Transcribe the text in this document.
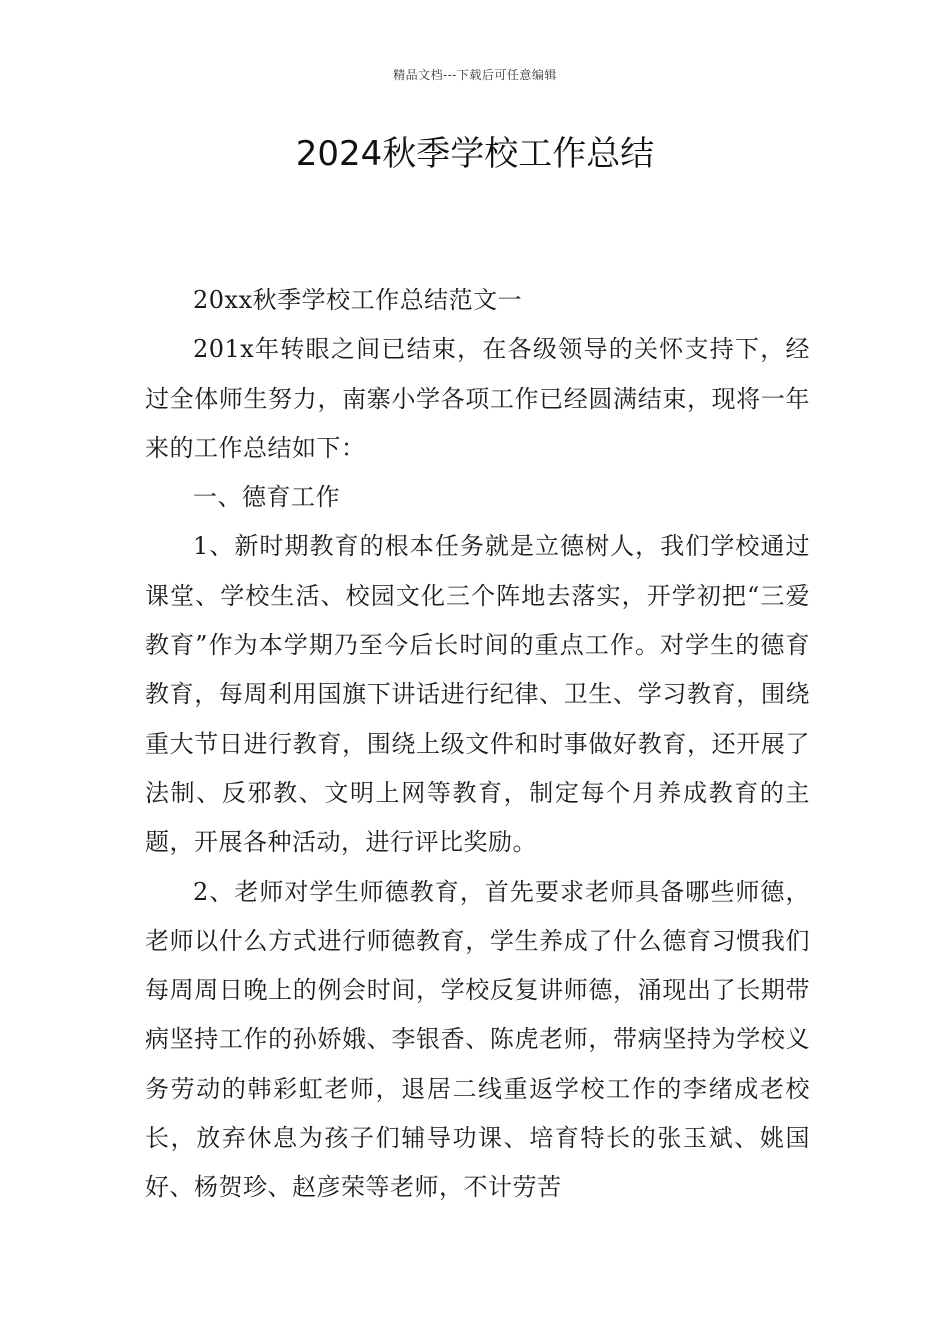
精品文档---下载后可任意编辑
2024秋季学校工作总结

20xx秋季学校工作总结范文一

201x年转眼之间已结束，在各级领导的关怀支持下，经过全体师生努力，南寨小学各项工作已经圆满结束，现将一年来的工作总结如下：

一、德育工作

1、新时期教育的根本任务就是立德树人，我们学校通过课堂、学校生活、校园文化三个阵地去落实，开学初把“三爱教育”作为本学期乃至今后长时间的重点工作。对学生的德育教育，每周利用国旗下讲话进行纪律、卫生、学习教育，围绕重大节日进行教育，围绕上级文件和时事做好教育，还开展了法制、反邪教、文明上网等教育，制定每个月养成教育的主题，开展各种活动，进行评比奖励。

2、老师对学生师德教育，首先要求老师具备哪些师德，老师以什么方式进行师德教育，学生养成了什么德育习惯我们每周周日晚上的例会时间，学校反复讲师德，涌现出了长期带病坚持工作的孙娇娥、李银香、陈虎老师，带病坚持为学校义务劳动的韩彩虹老师，退居二线重返学校工作的李绪成老校长，放弃休息为孩子们辅导功课、培育特长的张玉斌、姚国好、杨贺珍、赵彦荣等老师，不计劳苦
